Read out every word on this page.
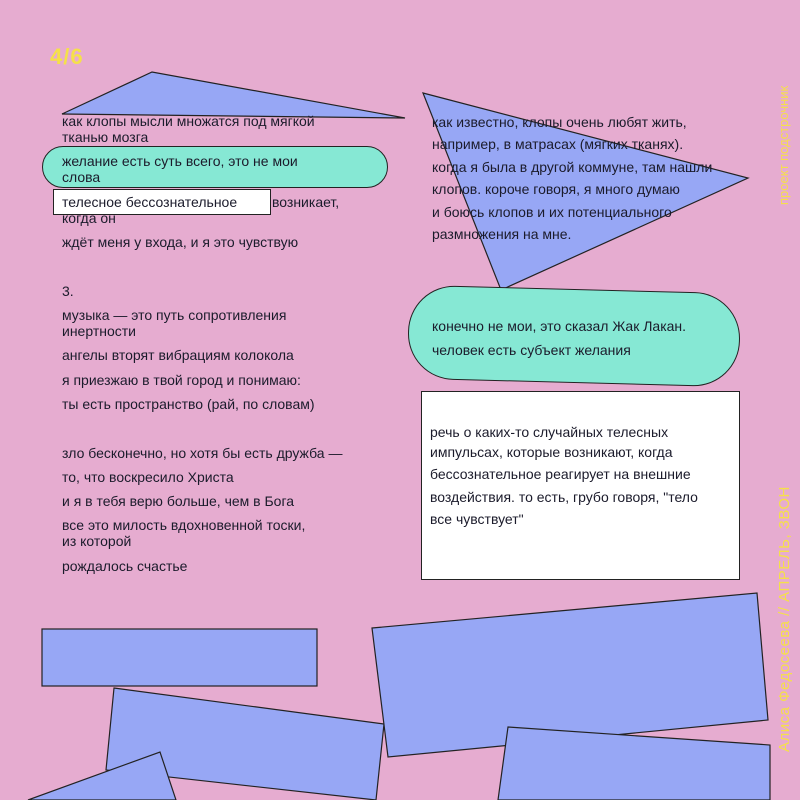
4/6
проект подстрочник
Алиса Федосеева // АПРЕЛЬ, ЗВОН
как клопы мысли множатся под мягкой
тканью мозга
желание есть суть всего, это не мои
слова
телесное бессознательное возникает,
когда он
ждёт меня у входа, и я это чувствую
3.
музыка — это путь сопротивления
инертности
ангелы вторят вибрациям колокола
я приезжаю в твой город и понимаю:
ты есть пространство (рай, по словам)
зло бесконечно, но хотя бы есть дружба —
то, что воскресило Христа
и я в тебя верю больше, чем в Бога
все это милость вдохновенной тоски,
из которой
рождалось счастье
как известно, клопы очень любят жить,
например, в матрасах (мягких тканях).
когда я была в другой коммуне, там нашли
клопов. короче говоря, я много думаю
и боюсь клопов и их потенциального
размножения на мне.
конечно не мои, это сказал Жак Лакан.
человек есть субъект желания
речь о каких-то случайных телесных
импульсах, которые возникают, когда
бессознательное реагирует на внешние
воздействия. то есть, грубо говоря, "тело
все чувствует"
